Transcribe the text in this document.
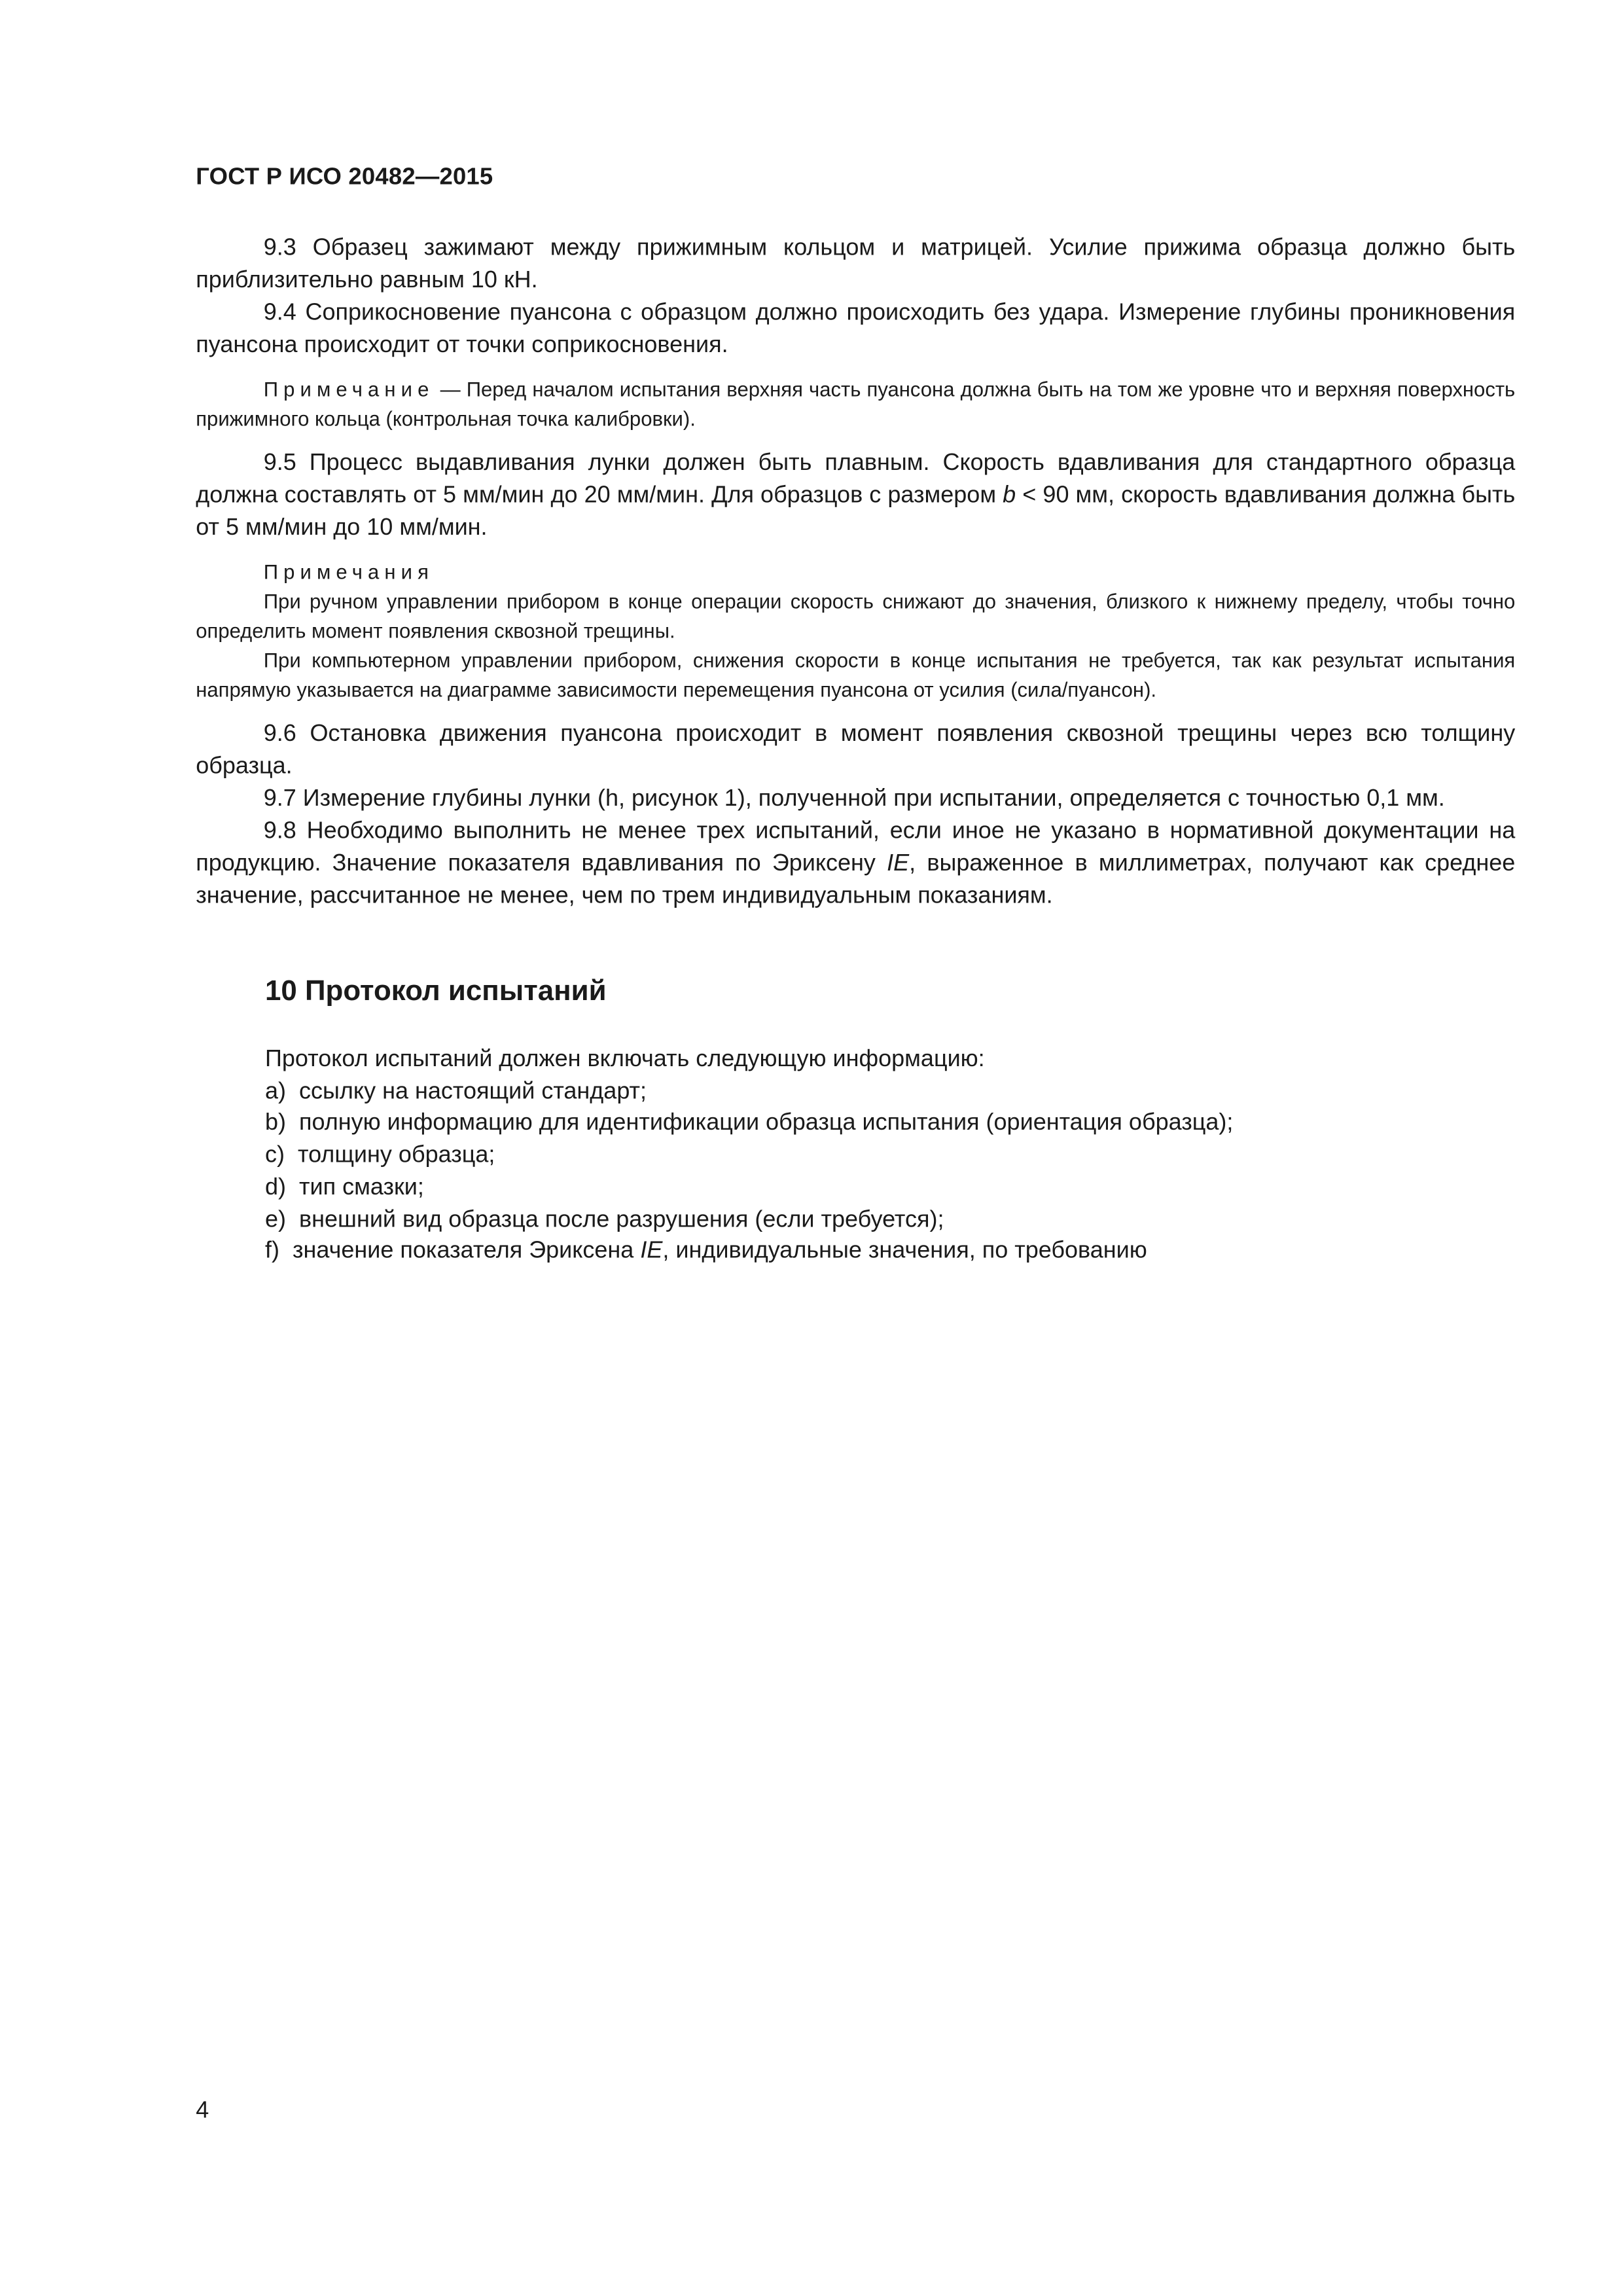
ГОСТ Р ИСО 20482—2015

9.3 Образец зажимают между прижимным кольцом и матрицей. Усилие прижима образца должно быть приблизительно равным 10 кН.

9.4 Соприкосновение пуансона с образцом должно происходить без удара. Измерение глубины проникновения пуансона происходит от точки соприкосновения.

Примечание — Перед началом испытания верхняя часть пуансона должна быть на том же уровне что и верхняя поверхность прижимного кольца (контрольная точка калибровки).

9.5 Процесс выдавливания лунки должен быть плавным. Скорость вдавливания для стандартного образца должна составлять от 5 мм/мин до 20 мм/мин. Для образцов с размером b < 90 мм, скорость вдавливания должна быть от 5 мм/мин до 10 мм/мин.

Примечания

При ручном управлении прибором в конце операции скорость снижают до значения, близкого к нижнему пределу, чтобы точно определить момент появления сквозной трещины.

При компьютерном управлении прибором, снижения скорости в конце испытания не требуется, так как результат испытания напрямую указывается на диаграмме зависимости перемещения пуансона от усилия (сила/пуансон).

9.6 Остановка движения пуансона происходит в момент появления сквозной трещины через всю толщину образца.

9.7 Измерение глубины лунки (h, рисунок 1), полученной при испытании, определяется с точностью 0,1 мм.

9.8 Необходимо выполнить не менее трех испытаний, если иное не указано в нормативной документации на продукцию. Значение показателя вдавливания по Эриксену IE, выраженное в миллиметрах, получают как среднее значение, рассчитанное не менее, чем по трем индивидуальным показаниям.

10 Протокол испытаний

Протокол испытаний должен включать следующую информацию:

a) ссылку на настоящий стандарт;

b) полную информацию для идентификации образца испытания (ориентация образца);

c) толщину образца;

d) тип смазки;

e) внешний вид образца после разрушения (если требуется);

f) значение показателя Эриксена IE, индивидуальные значения, по требованию

4
